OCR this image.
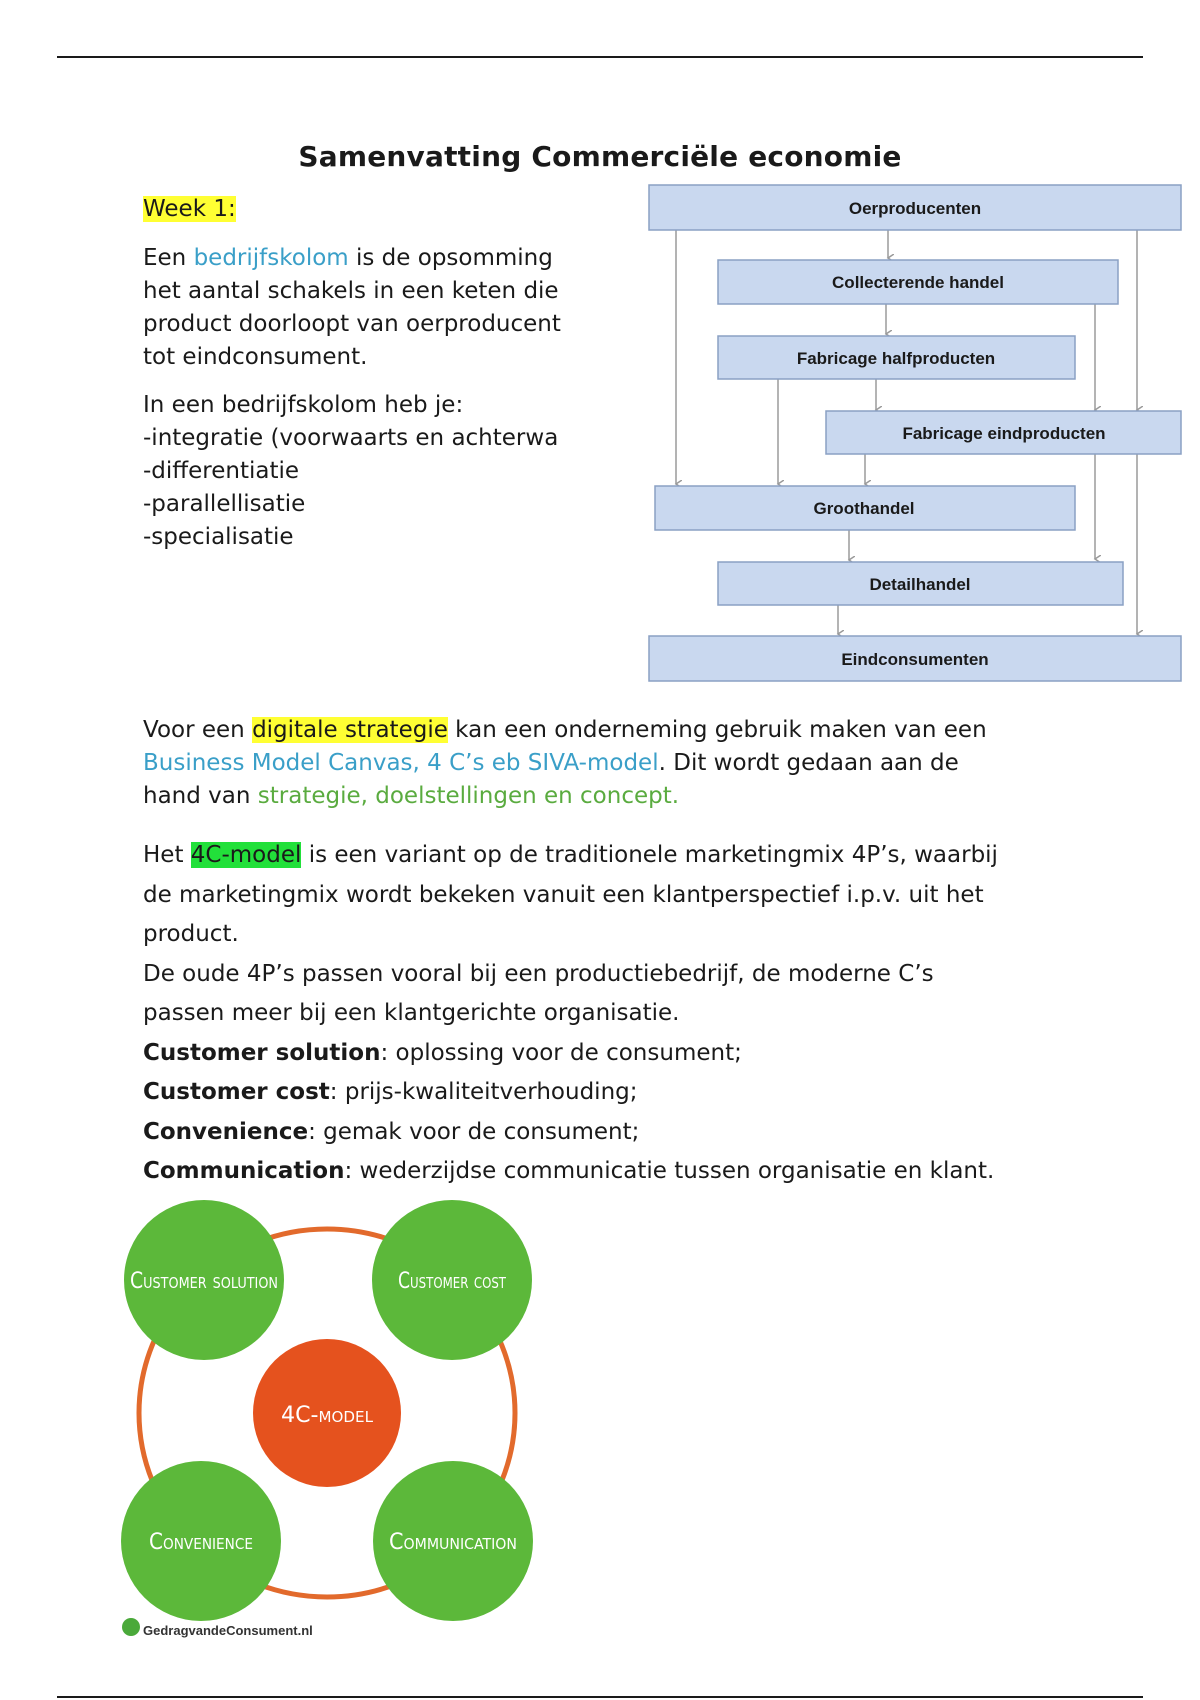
Samenvatting Commerciële economie
Week 1:

Een bedrijfskolom is de opsomming
het aantal schakels in een keten die
product doorloopt van oerproducent
tot eindconsument.

In een bedrijfskolom heb je:
-integratie (voorwaarts en achterwa
-differentiatie
-parallellisatie
-specialisatie

Oerproducenten
Collecterende handel
Fabricage halfproducten
Fabricage eindproducten
Groothandel
Detailhandel
Eindconsumenten
Voor een digitale strategie kan een onderneming gebruik maken van een
Business Model Canvas, 4 C’s eb SIVA-model. Dit wordt gedaan aan de
hand van strategie, doelstellingen en concept.

Het 4C-model is een variant op de traditionele marketingmix 4P’s, waarbij
de marketingmix wordt bekeken vanuit een klantperspectief i.p.v. uit het
product.
De oude 4P’s passen vooral bij een productiebedrijf, de moderne C’s
passen meer bij een klantgerichte organisatie.

Customer solution: oplossing voor de consument;

Customer cost: prijs-kwaliteitverhouding;

Convenience: gemak voor de consument;

Communication: wederzijdse communicatie tussen organisatie en klant.

Customer solution	Customer cost
Convenience	Communication
4C-model
GedragvandeConsument.nl
